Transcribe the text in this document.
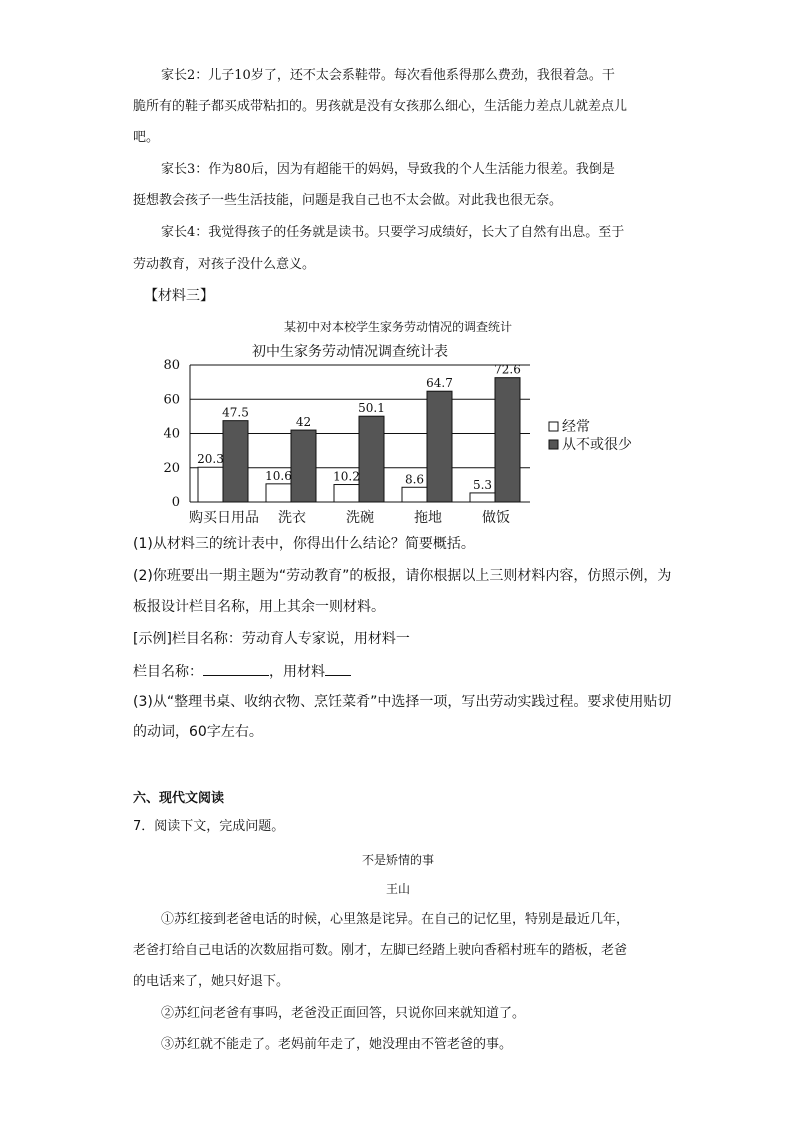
家长2：儿子10岁了，还不太会系鞋带。每次看他系得那么费劲，我很着急。干

脆所有的鞋子都买成带粘扣的。男孩就是没有女孩那么细心，生活能力差点儿就差点儿

吧。

家长3：作为80后，因为有超能干的妈妈，导致我的个人生活能力很差。我倒是

挺想教会孩子一些生活技能，问题是我自己也不太会做。对此我也很无奈。

家长4：我觉得孩子的任务就是读书。只要学习成绩好，长大了自然有出息。至于

劳动教育，对孩子没什么意义。

【材料三】

某初中对本校学生家务劳动情况的调查统计

0
20
40
60
80
购买日用品 洗衣	洗碗	拖地	做饭
20.3
47.5
10.6
42
10.2
50.1
8.6
64.7
5.3
72.6
初中生家务劳动情况调查统计表
经常
从不或很少

(1)从材料三的统计表中，你得出什么结论？简要概括。

(2)你班要出一期主题为“劳动教育”的板报，请你根据以上三则材料内容，仿照示例，为

板报设计栏目名称，用上其余一则材料。

[示例]栏目名称：劳动育人专家说，用材料一

栏目名称：	，用材料

(3)从“整理书桌、收纳衣物、烹饪菜肴”中选择一项，写出劳动实践过程。要求使用贴切

的动词，60字左右。

六、现代文阅读

7．阅读下文，完成问题。

不是矫情的事

王山

①苏红接到老爸电话的时候，心里煞是诧异。在自己的记忆里，特别是最近几年，

老爸打给自己电话的次数屈指可数。刚才，左脚已经踏上驶向香稻村班车的踏板，老爸

的电话来了，她只好退下。

②苏红问老爸有事吗，老爸没正面回答，只说你回来就知道了。

③苏红就不能走了。老妈前年走了，她没理由不管老爸的事。
